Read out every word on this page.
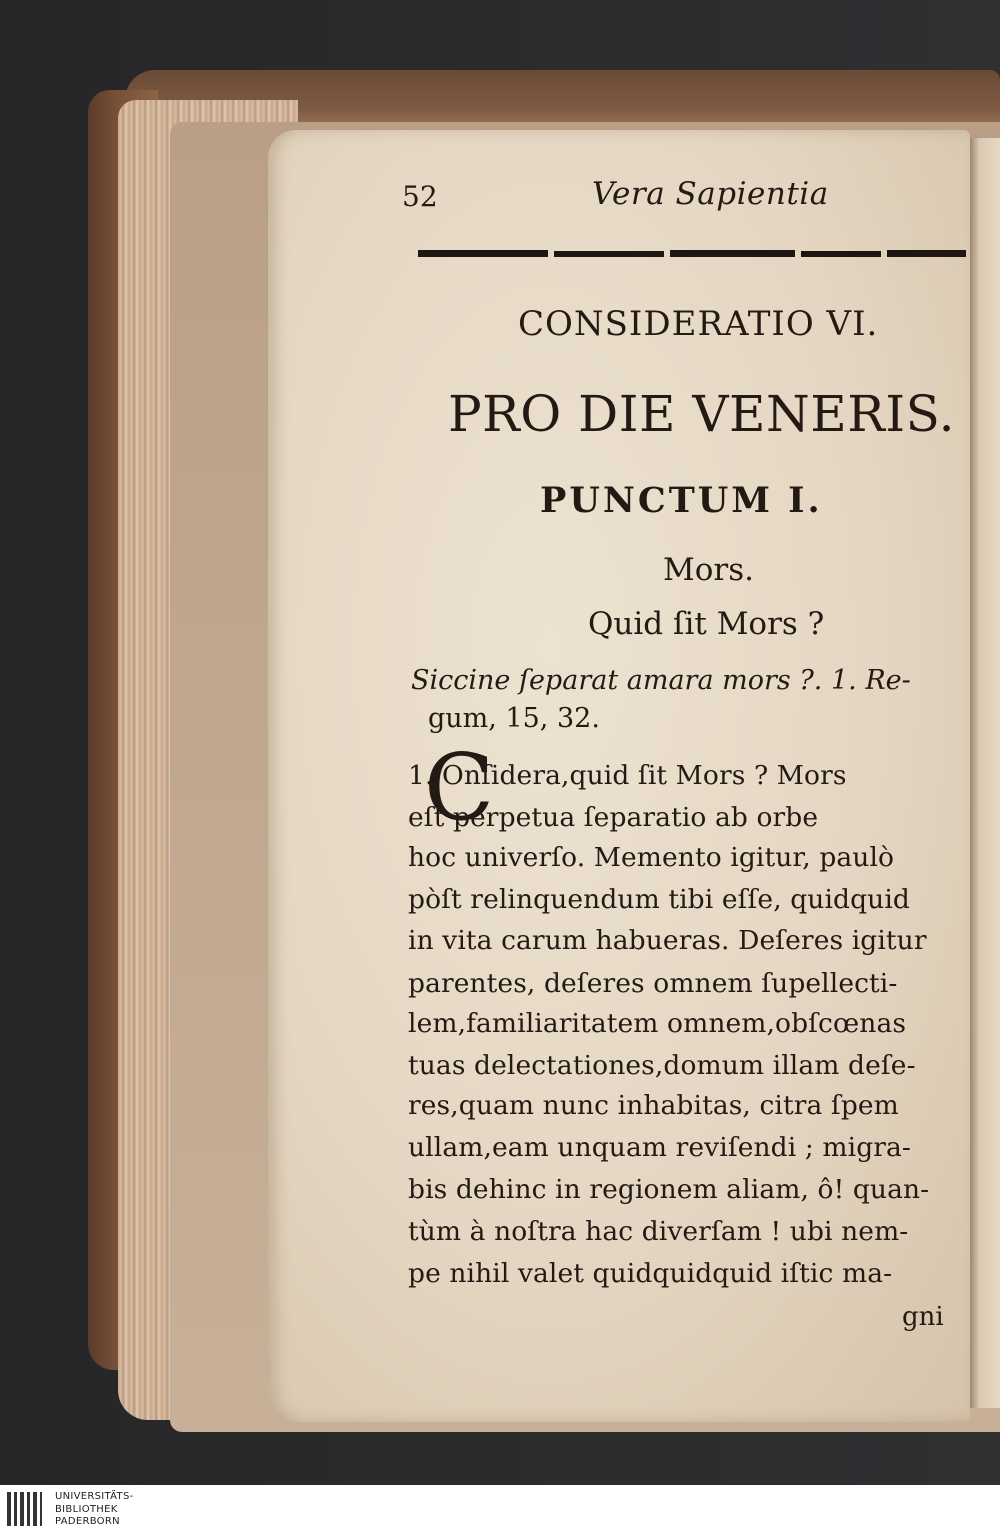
52	Vera Sapientia
CONSIDERATIO VI.
PRO DIE VENERIS.
PUNCTUM I.
Mors.
Quid ſit Mors ?
Siccine ſeparat amara mors ?. 1. Re-
gum, 15, 32.
C
1. Onſidera,quid ſit Mors ? Mors
eſt perpetua ſeparatio ab orbe
hoc univerſo. Memento igitur, paulò
pòſt relinquendum tibi eſſe, quidquid
in vita carum habueras. Deſeres igitur
parentes, deſeres omnem ſupellecti-
lem,familiaritatem omnem,obſcœnas
tuas delectationes,domum illam deſe-
res,quam nunc inhabitas, citra ſpem
ullam,eam unquam reviſendi ; migra-
bis dehinc in regionem aliam, ô! quan-
tùm à noſtra hac diverſam ! ubi nem-
pe nihil valet quidquidquid iſtic ma-
gni
UNIVERSITÄTS-
BIBLIOTHEK
PADERBORN
